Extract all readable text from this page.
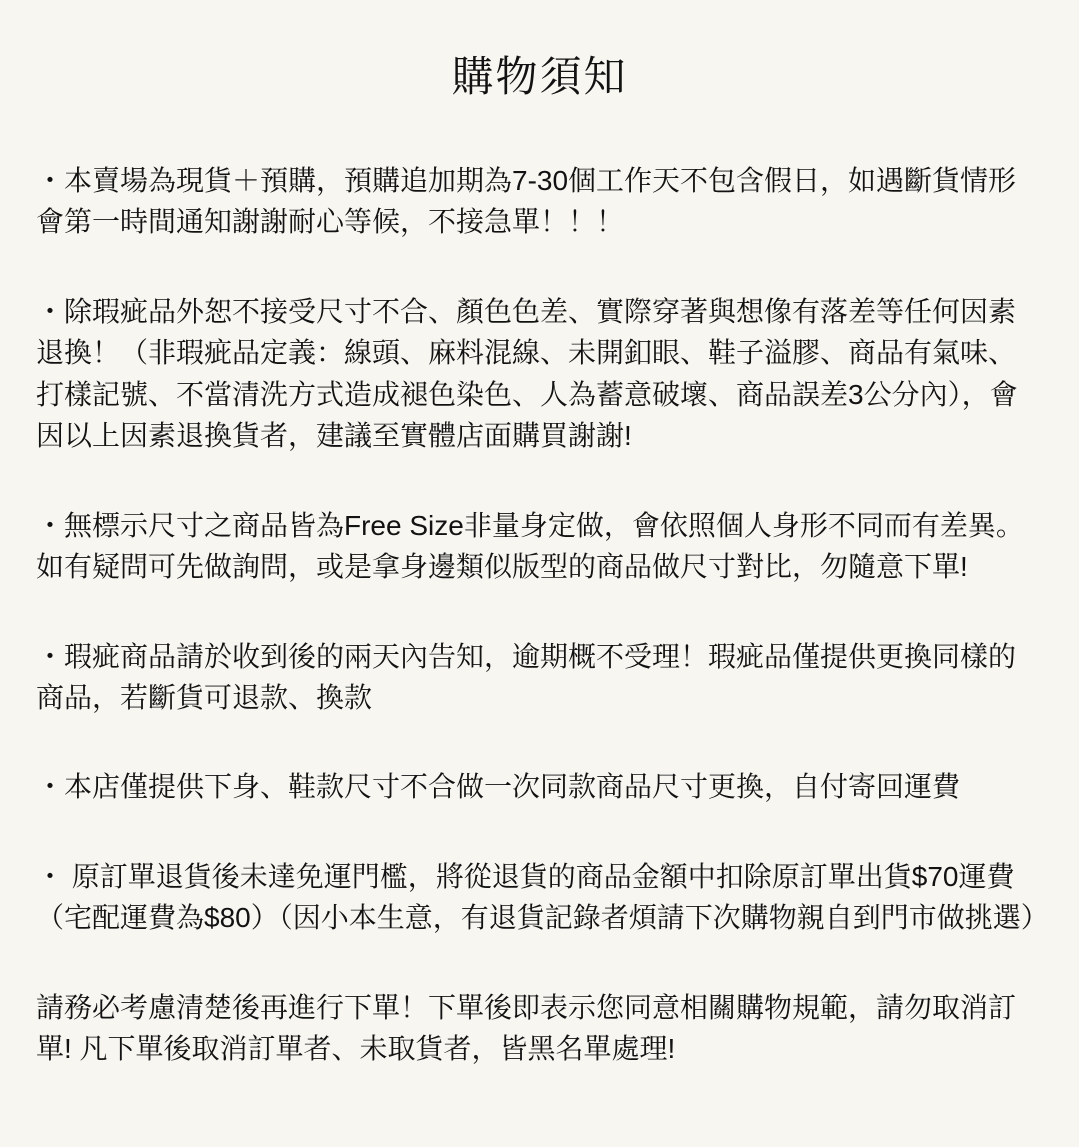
購物須知

・本賣場為現貨＋預購，預購追加期為7-30個工作天不包含假日，如遇斷貨情形會第一時間通知謝謝耐心等候，不接急單！！！

・除瑕疵品外恕不接受尺寸不合、顏色色差、實際穿著與想像有落差等任何因素退換！（非瑕疵品定義：線頭、麻料混線、未開釦眼、鞋子溢膠、商品有氣味、打樣記號、不當清洗方式造成褪色染色、人為蓄意破壞、商品誤差3公分內），會因以上因素退換貨者，建議至實體店面購買謝謝!

・無標示尺寸之商品皆為Free Size非量身定做，會依照個人身形不同而有差異。如有疑問可先做詢問，或是拿身邊類似版型的商品做尺寸對比，勿隨意下單!

・瑕疵商品請於收到後的兩天內告知，逾期概不受理！瑕疵品僅提供更換同樣的商品，若斷貨可退款、換款

・本店僅提供下身、鞋款尺寸不合做一次同款商品尺寸更換，自付寄回運費

・ 原訂單退貨後未達免運門檻，將從退貨的商品金額中扣除原訂單出貨$70運費（宅配運費為$80）（因小本生意，有退貨記錄者煩請下次購物親自到門市做挑選）

請務必考慮清楚後再進行下單！下單後即表示您同意相關購物規範，請勿取消訂單! 凡下單後取消訂單者、未取貨者，皆黑名單處理!
